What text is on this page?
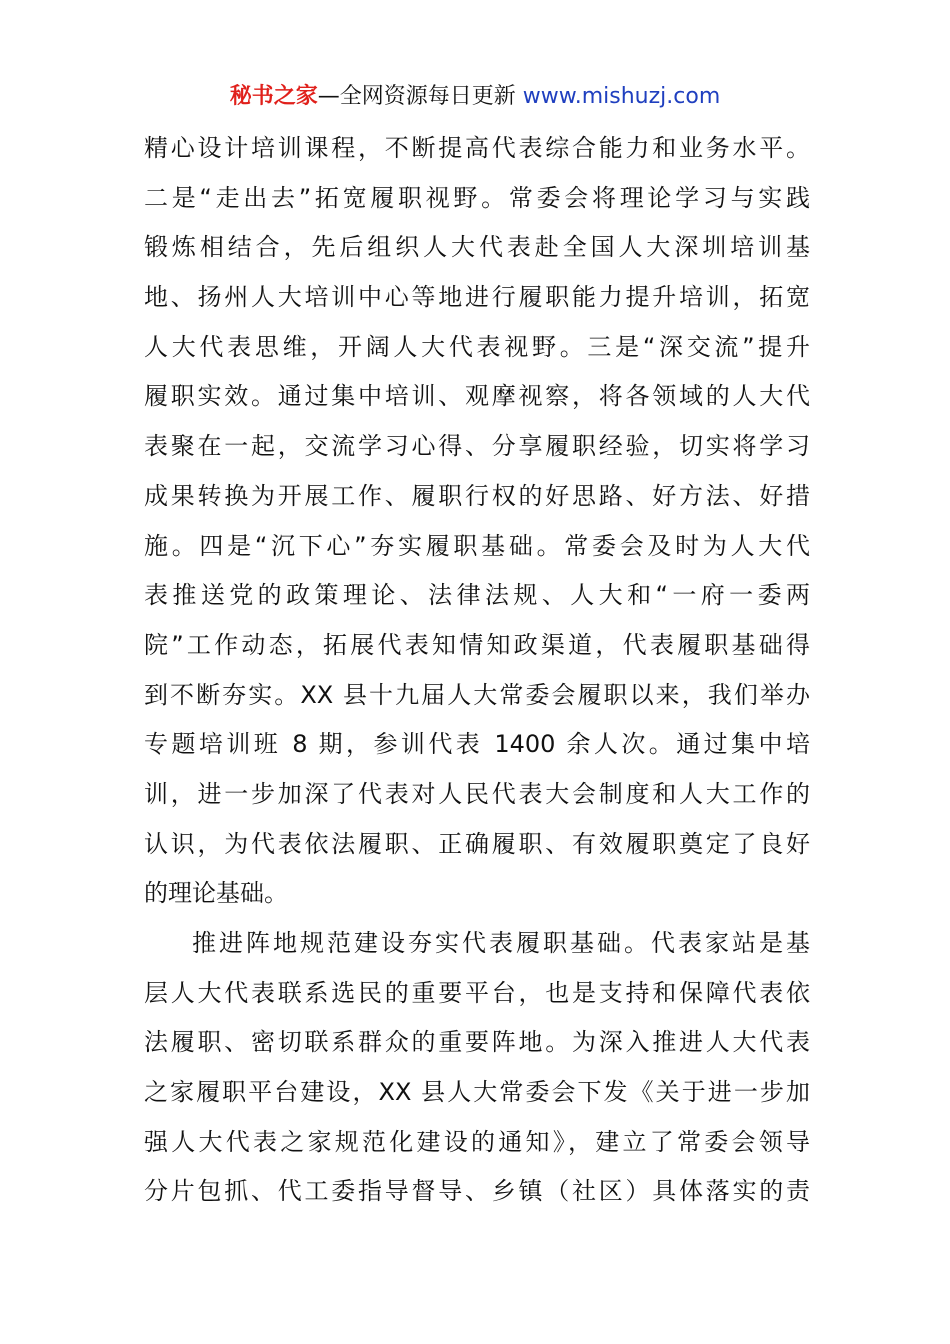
秘书之家—全网资源每日更新 www.mishuzj.com
精心设计培训课程，不断提高代表综合能力和业务水平。
二是“走出去”拓宽履职视野。常委会将理论学习与实践
锻炼相结合，先后组织人大代表赴全国人大深圳培训基
地、扬州人大培训中心等地进行履职能力提升培训，拓宽
人大代表思维，开阔人大代表视野。三是“深交流”提升
履职实效。通过集中培训、观摩视察，将各领域的人大代
表聚在一起，交流学习心得、分享履职经验，切实将学习
成果转换为开展工作、履职行权的好思路、好方法、好措
施。四是“沉下心”夯实履职基础。常委会及时为人大代
表推送党的政策理论、法律法规、人大和“一府一委两
院”工作动态，拓展代表知情知政渠道，代表履职基础得
到不断夯实。XX 县十九届人大常委会履职以来，我们举办
专题培训班 8 期，参训代表 1400 余人次。通过集中培
训，进一步加深了代表对人民代表大会制度和人大工作的
认识，为代表依法履职、正确履职、有效履职奠定了良好
的理论基础。
推进阵地规范建设夯实代表履职基础。代表家站是基
层人大代表联系选民的重要平台，也是支持和保障代表依
法履职、密切联系群众的重要阵地。为深入推进人大代表
之家履职平台建设，XX 县人大常委会下发《关于进一步加
强人大代表之家规范化建设的通知》，建立了常委会领导
分片包抓、代工委指导督导、乡镇（社区）具体落实的责
